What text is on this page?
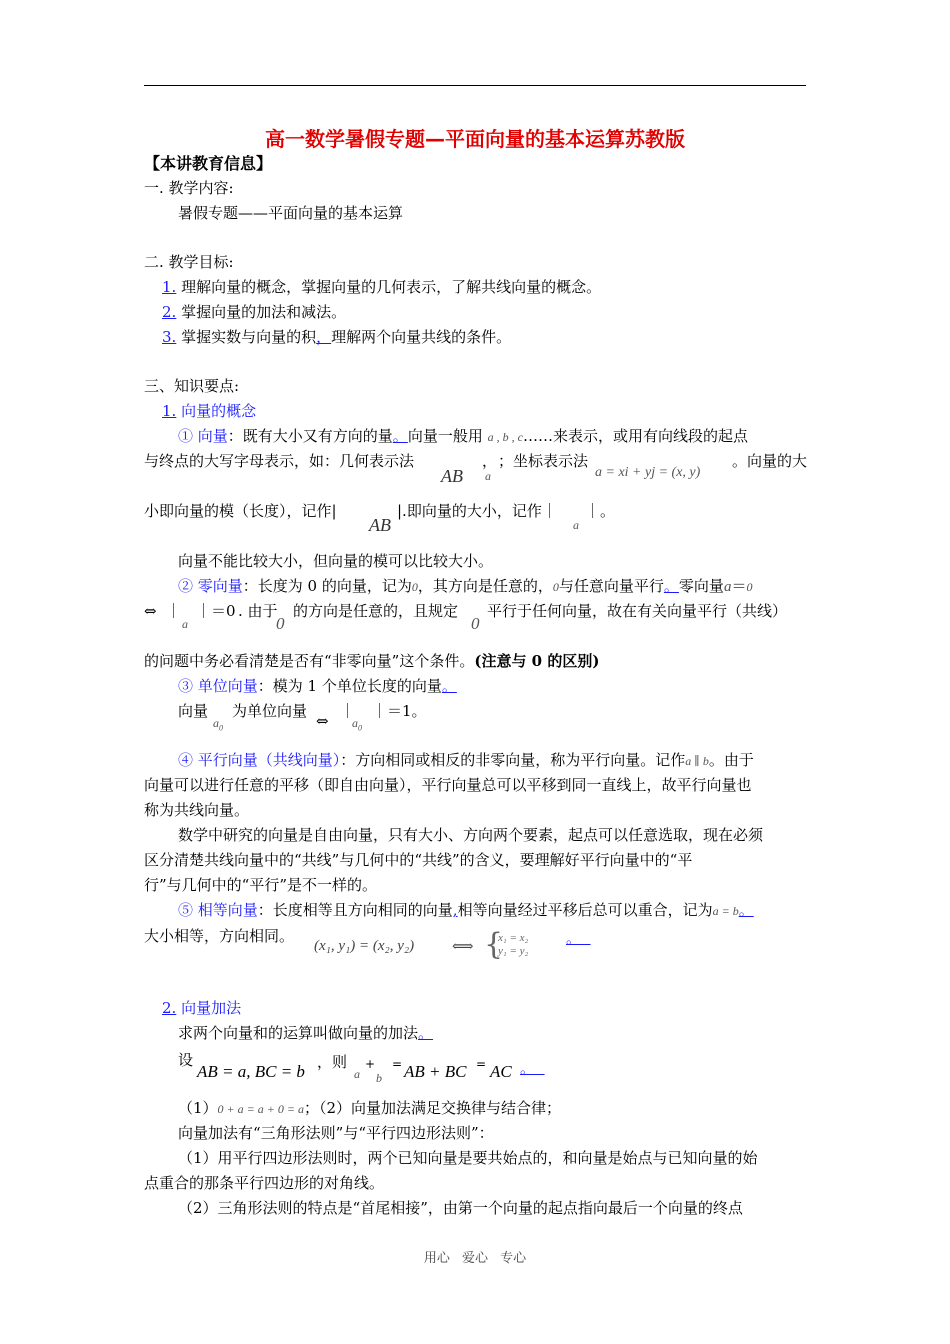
高一数学暑假专题—平面向量的基本运算苏教版
【本讲教育信息】
一. 教学内容:
暑假专题——平面向量的基本运算
二. 教学目标:
1. 理解向量的概念，掌握向量的几何表示，了解共线向量的概念。
2. 掌握向量的加法和减法。
3. 掌握实数与向量的积，理解两个向量共线的条件。
三、知识要点:
1. 向量的概念
① 向量：既有大小又有方向的量。向量一般用 a , b , c……来表示，或用有向线段的起点
与终点的大写字母表示，如：几何表示法
AB
，
a
；坐标表示法
a = xi + yj = (x, y)
。向量的大
小即向量的模（长度），记作|
AB
|.即向量的大小，记作｜
a
｜。
向量不能比较大小，但向量的模可以比较大小。
② 零向量：长度为 0 的向量，记为0，其方向是任意的，0与任意向量平行。零向量a＝0
⇔ ｜
a
｜＝0 . 由于
0
的方向是任意的，且规定
0
平行于任何向量，故在有关向量平行（共线）
的问题中务必看清楚是否有“非零向量”这个条件。(注意与 0 的区别)
③ 单位向量：模为 1 个单位长度的向量。
向量
$a_0$
为单位向量
⇔
｜
$a_0$
｜＝1。
④ 平行向量（共线向量）：方向相同或相反的非零向量，称为平行向量。记作a ∥ b。由于
向量可以进行任意的平移（即自由向量），平行向量总可以平移到同一直线上，故平行向量也
称为共线向量。
数学中研究的向量是自由向量，只有大小、方向两个要素，起点可以任意选取，现在必须
区分清楚共线向量中的“共线”与几何中的“共线”的含义，要理解好平行向量中的“平
行”与几何中的“平行”是不一样的。
⑤ 相等向量：长度相等且方向相同的向量,相等向量经过平移后总可以重合，记为a = b。
大小相等，方向相同。
(x₁, y₁) = (x₂, y₂)	⟺ {
x₁ = x₂
y₁ = y₂
。
2. 向量加法
求两个向量和的运算叫做向量的加法。
设
AB = a, BC = b ，则
a
+
b
= AB + BC = AC 。
（1）0 + a = a + 0 = a；（2）向量加法满足交换律与结合律；
向量加法有“三角形法则”与“平行四边形法则”：
（1）用平行四边形法则时，两个已知向量是要共始点的，和向量是始点与已知向量的始
点重合的那条平行四边形的对角线。
（2）三角形法则的特点是“首尾相接”，由第一个向量的起点指向最后一个向量的终点
用心 爱心 专心
